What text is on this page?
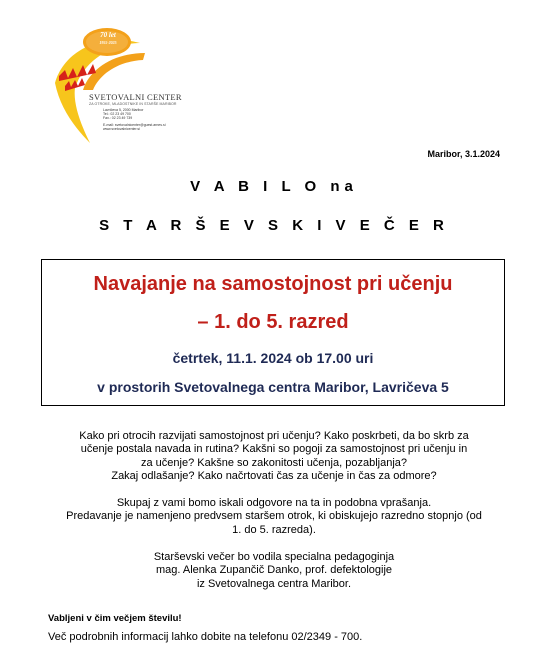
70 let
1955-2025
SVETOVALNI CENTER
ZA OTROKE, MLADOSTNIKE IN STARŠE MARIBOR
Lavričeva 5, 2000 Maribor
Tel.: 02 23 49 700
Fax.: 02 23 49 739
E-mail: svetovalnicenter@guest.arnes.si
www.svetovalnicenter.si
Maribor, 3.1.2024
V A B I L O na
S T A R Š E V S K I V E Č E R
Navajanje na samostojnost pri učenju
– 1. do 5. razred
četrtek, 11.1. 2024 ob 17.00 uri
v prostorih Svetovalnega centra Maribor, Lavričeva 5
Kako pri otrocih razvijati samostojnost pri učenju? Kako poskrbeti, da bo skrb za
učenje postala navada in rutina? Kakšni so pogoji za samostojnost pri učenju in
za učenje? Kakšne so zakonitosti učenja, pozabljanja?
Zakaj odlašanje? Kako načrtovati čas za učenje in čas za odmore?
Skupaj z vami bomo iskali odgovore na ta in podobna vprašanja.
Predavanje je namenjeno predvsem staršem otrok, ki obiskujejo razredno stopnjo (od
1. do 5. razreda).
Starševski večer bo vodila specialna pedagoginja
mag. Alenka Zupančič Danko, prof. defektologije
iz Svetovalnega centra Maribor.
Vabljeni v čim večjem številu!
Več podrobnih informacij lahko dobite na telefonu 02/2349 - 700.
